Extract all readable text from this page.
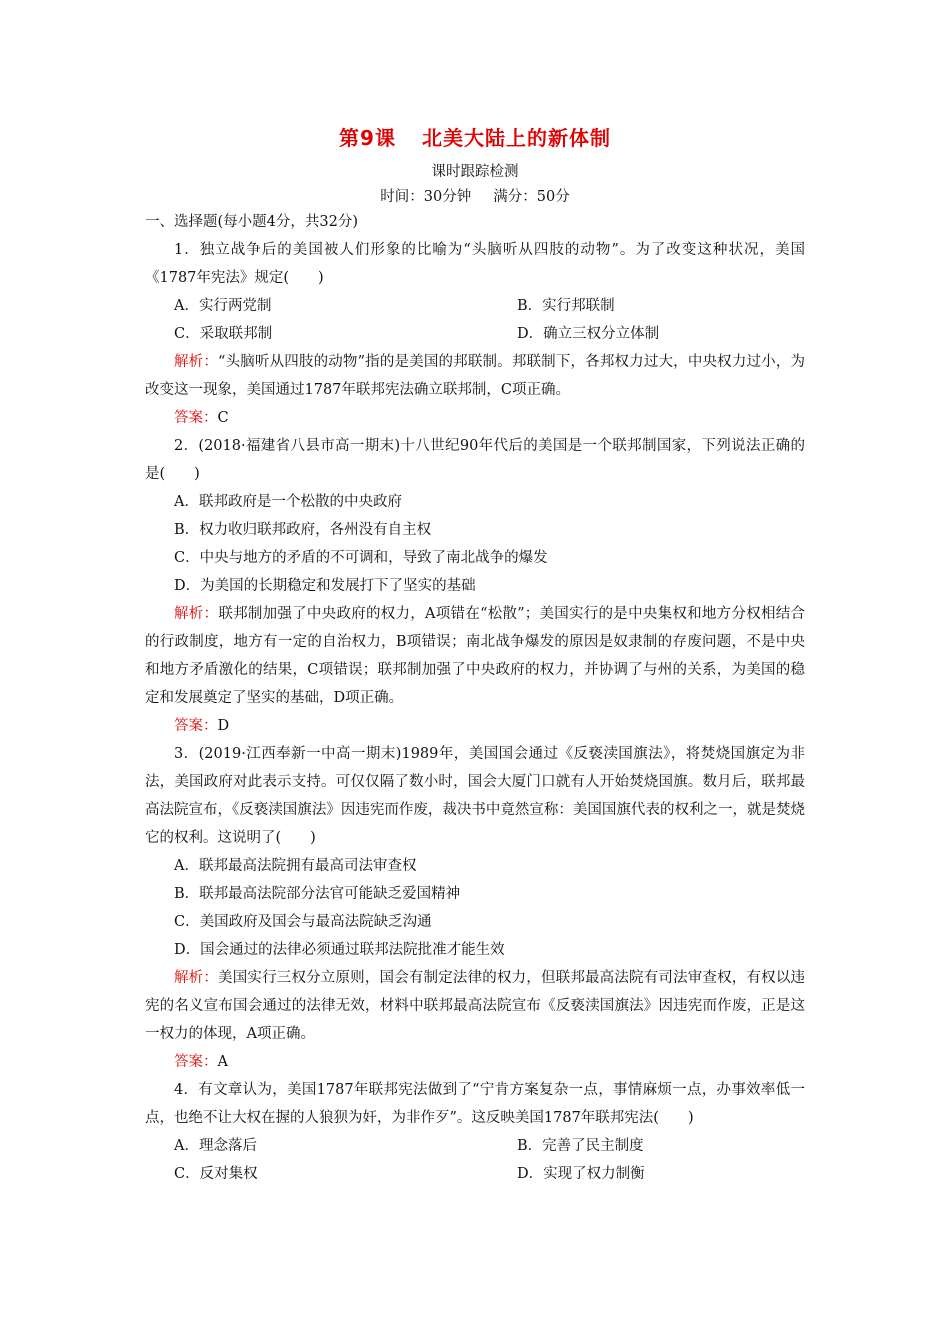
第9课 北美大陆上的新体制
课时跟踪检测
时间：30分钟 满分：50分
一、选择题(每小题4分，共32分)
1．独立战争后的美国被人们形象的比喻为“头脑听从四肢的动物”。为了改变这种状况，美国《1787年宪法》规定(　　)
A．实行两党制	B．实行邦联制
C．采取联邦制	D．确立三权分立体制
解析：“头脑听从四肢的动物”指的是美国的邦联制。邦联制下，各邦权力过大，中央权力过小，为改变这一现象，美国通过1787年联邦宪法确立联邦制，C项正确。
答案：C
2．(2018·福建省八县市高一期末)十八世纪90年代后的美国是一个联邦制国家，下列说法正确的是(　　)
A．联邦政府是一个松散的中央政府
B．权力收归联邦政府，各州没有自主权
C．中央与地方的矛盾的不可调和，导致了南北战争的爆发
D．为美国的长期稳定和发展打下了坚实的基础
解析：联邦制加强了中央政府的权力，A项错在“松散”；美国实行的是中央集权和地方分权相结合的行政制度，地方有一定的自治权力，B项错误；南北战争爆发的原因是奴隶制的存废问题，不是中央和地方矛盾激化的结果，C项错误；联邦制加强了中央政府的权力，并协调了与州的关系，为美国的稳定和发展奠定了坚实的基础，D项正确。
答案：D
3．(2019·江西奉新一中高一期末)1989年，美国国会通过《反亵渎国旗法》，将焚烧国旗定为非法，美国政府对此表示支持。可仅仅隔了数小时，国会大厦门口就有人开始焚烧国旗。数月后，联邦最高法院宣布，《反亵渎国旗法》因违宪而作废，裁决书中竟然宣称：美国国旗代表的权利之一，就是焚烧它的权利。这说明了(　　)
A．联邦最高法院拥有最高司法审查权
B．联邦最高法院部分法官可能缺乏爱国精神
C．美国政府及国会与最高法院缺乏沟通
D．国会通过的法律必须通过联邦法院批准才能生效
解析：美国实行三权分立原则，国会有制定法律的权力，但联邦最高法院有司法审查权，有权以违宪的名义宣布国会通过的法律无效，材料中联邦最高法院宣布《反亵渎国旗法》因违宪而作废，正是这一权力的体现，A项正确。
答案：A
4．有文章认为，美国1787年联邦宪法做到了“宁肯方案复杂一点，事情麻烦一点，办事效率低一点，也绝不让大权在握的人狼狈为奸，为非作歹”。这反映美国1787年联邦宪法(　　)
A．理念落后	B．完善了民主制度
C．反对集权	D．实现了权力制衡
